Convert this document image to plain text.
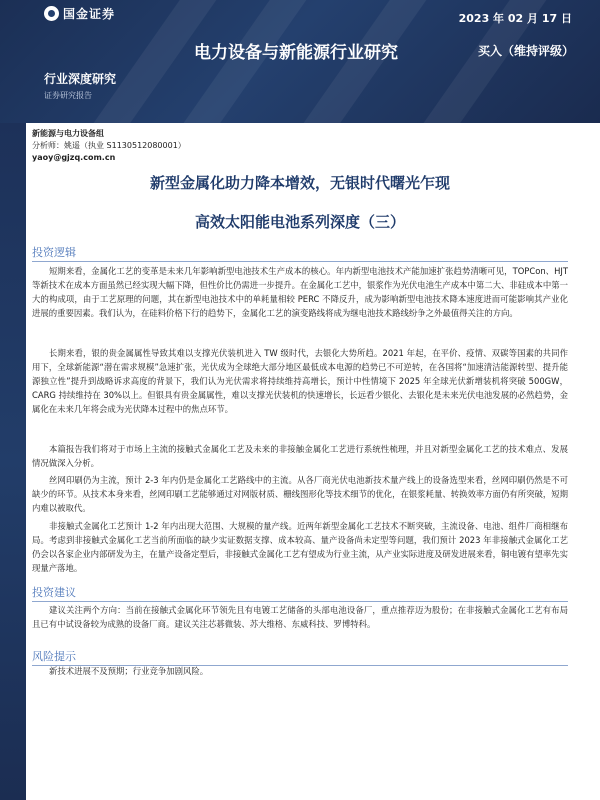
国金证券	2023 年 02 月 17 日
电力设备与新能源行业研究	买入（维持评级）
行业深度研究
证券研究报告
新能源与电力设备组
分析师：姚遥（执业 S1130512080001）
yaoy@gjzq.com.cn
新型金属化助力降本增效，无银时代曙光乍现
高效太阳能电池系列深度（三）
投资逻辑

短期来看，金属化工艺的变革是未来几年影响新型电池技术生产成本的核心。年内新型电池技术产能加速扩张趋势清晰可见，TOPCon、HJT 等新技术在成本方面虽然已经实现大幅下降，但性价比仍需进一步提升。在金属化工艺中，银浆作为光伏电池生产成本中第二大、非硅成本中第一大的构成项，由于工艺原理的问题，其在新型电池技术中的单耗量相较 PERC 不降反升，成为影响新型电池技术降本速度进而可能影响其产业化进展的重要因素。我们认为，在硅料价格下行的趋势下，金属化工艺的演变路线将成为继电池技术路线纷争之外最值得关注的方向。

长期来看，银的贵金属属性导致其难以支撑光伏装机进入 TW 级时代，去银化大势所趋。2021 年起，在平价、疫情、双碳等国素的共同作用下，全球新能源“潜在需求规模”急速扩张，光伏成为全球绝大部分地区最低成本电源的趋势已不可逆转，在各国将“加速清洁能源转型、提升能源独立性”提升到战略诉求高度的背景下，我们认为光伏需求将持续维持高增长，预计中性情境下 2025 年全球光伏新增装机将突破 500GW，CARG 持续维持在 30%以上。但银具有贵金属属性，难以支撑光伏装机的快速增长，长远看少银化、去银化是未来光伏电池发展的必然趋势，金属化在未来几年将会成为光伏降本过程中的焦点环节。

本篇报告我们将对于市场上主流的接触式金属化工艺及未来的非接触金属化工艺进行系统性梳理，并且对新型金属化工艺的技术难点、发展情况做深入分析。

丝网印刷仍为主流，预计 2-3 年内仍是金属化工艺路线中的主流。从各厂商光伏电池新技术量产线上的设备选型来看，丝网印刷仍然是不可缺少的环节。从技术本身来看，丝网印刷工艺能够通过对网版材质、栅线图形化等技术细节的优化，在银浆耗量、转换效率方面仍有所突破，短期内难以被取代。

非接触式金属化工艺预计 1-2 年内出现大范围、大规模的量产线。近两年新型金属化工艺技术不断突破，主流设备、电池、组件厂商相继布局。考虑到非接触式金属化工艺当前所面临的缺少实证数据支撑、成本较高、量产设备尚未定型等问题，我们预计 2023 年非接触式金属化工艺仍会以各家企业内部研发为主，在量产设备定型后，非接触式金属化工艺有望成为行业主流，从产业实际进度及研发进展来看，铜电镀有望率先实现量产落地。

投资建议

建议关注两个方向：当前在接触式金属化环节领先且有电镀工艺储备的头部电池设备厂，重点推荐迈为股份；在非接触式金属化工艺有布局且已有中试设备较为成熟的设备厂商。建议关注芯碁微装、苏大维格、东威科技、罗博特科。

风险提示

新技术进展不及预期；行业竞争加剧风险。
